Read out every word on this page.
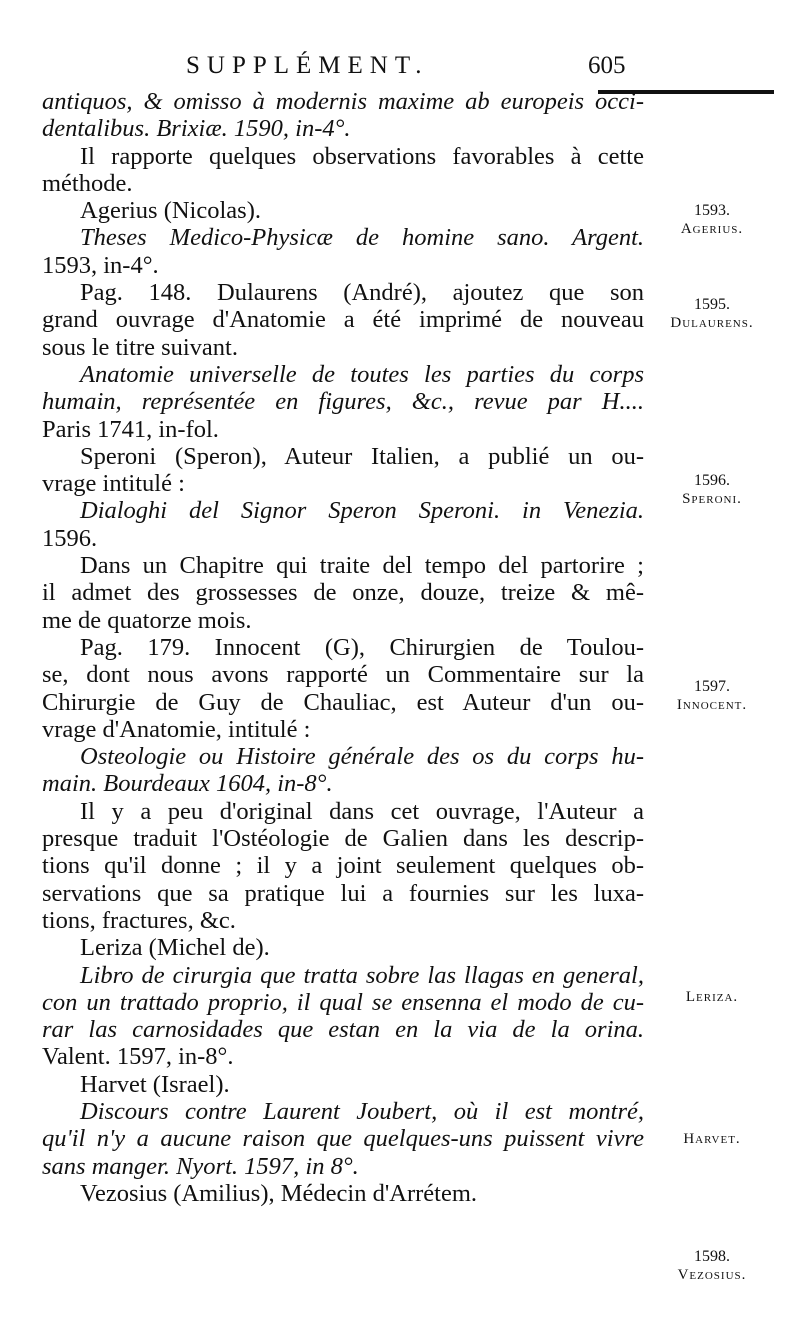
SUPPLÉMENT.	605

antiquos, & omisso à modernis maxime ab europeis occi-

dentalibus. Brixiæ. 1590, in-4°.

Il rapporte quelques observations favorables à cette

méthode.

Agerius (Nicolas).

Theses Medico-Physicæ de homine sano. Argent.

1593, in-4°.

Pag. 148. Dulaurens (André), ajoutez que son

grand ouvrage d'Anatomie a été imprimé de nouveau

sous le titre suivant.

Anatomie universelle de toutes les parties du corps

humain, représentée en figures, &c., revue par H....

Paris 1741, in-fol.

Speroni (Speron), Auteur Italien, a publié un ou-

vrage intitulé :

Dialoghi del Signor Speron Speroni. in Venezia.

1596.

Dans un Chapitre qui traite del tempo del partorire ;

il admet des grossesses de onze, douze, treize & mê-

me de quatorze mois.

Pag. 179. Innocent (G), Chirurgien de Toulou-

se, dont nous avons rapporté un Commentaire sur la

Chirurgie de Guy de Chauliac, est Auteur d'un ou-

vrage d'Anatomie, intitulé :

Osteologie ou Histoire générale des os du corps hu-

main. Bourdeaux 1604, in-8°.

Il y a peu d'original dans cet ouvrage, l'Auteur a

presque traduit l'Ostéologie de Galien dans les descrip-

tions qu'il donne ; il y a joint seulement quelques ob-

servations que sa pratique lui a fournies sur les luxa-

tions, fractures, &c.

Leriza (Michel de).

Libro de cirurgia que tratta sobre las llagas en general,

con un trattado proprio, il qual se ensenna el modo de cu-

rar las carnosidades que estan en la via de la orina.

Valent. 1597, in-8°.

Harvet (Israel).

Discours contre Laurent Joubert, où il est montré,

qu'il n'y a aucune raison que quelques-uns puissent vivre

sans manger. Nyort. 1597, in 8°.

Vezosius (Amilius), Médecin d'Arrétem.

1593.
Agerius.
1595.
Dulaurens.
1596.
Speroni.
1597.
Innocent.
Leriza.
Harvet.
1598.
Vezosius.
